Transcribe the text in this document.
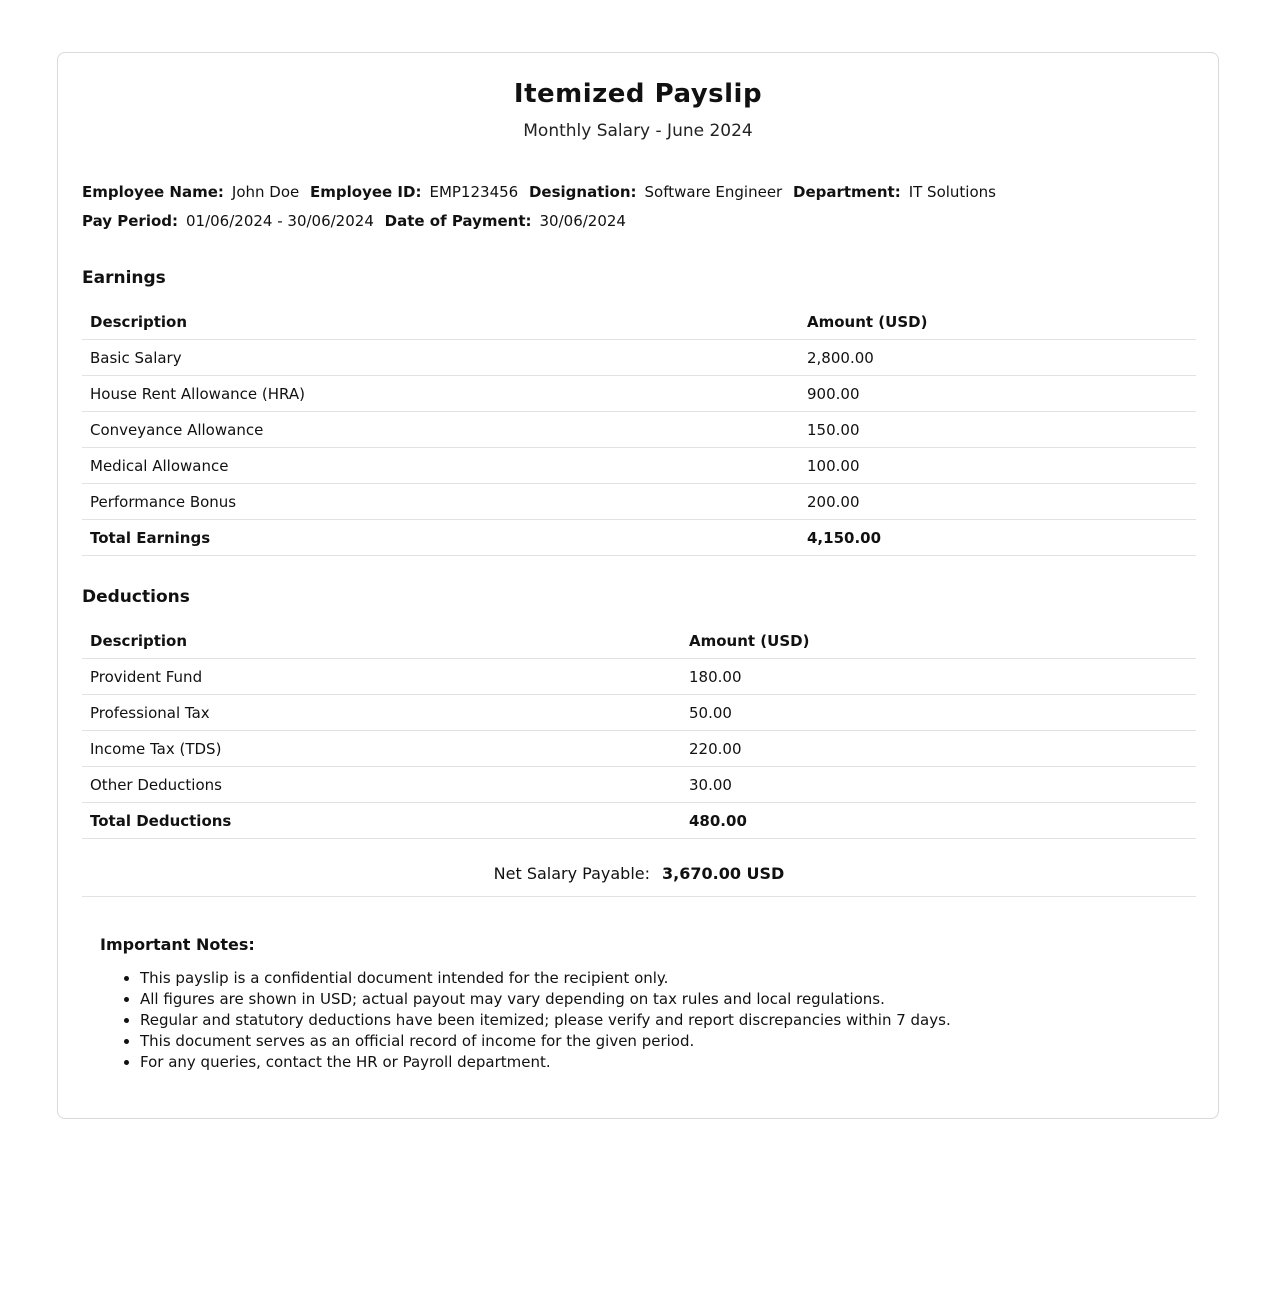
Itemized Payslip
Monthly Salary - June 2024
Employee Name: John Doe Employee ID: EMP123456 Designation: Software Engineer Department: IT Solutions Pay Period: 01/06/2024 - 30/06/2024 Date of Payment: 30/06/2024
Earnings
Description	Amount (USD)
Basic Salary	2,800.00
House Rent Allowance (HRA)	900.00
Conveyance Allowance	150.00
Medical Allowance	100.00
Performance Bonus	200.00
Total Earnings	4,150.00
Deductions
Description	Amount (USD)
Provident Fund	180.00
Professional Tax	50.00
Income Tax (TDS)	220.00
Other Deductions	30.00
Total Deductions	480.00
Net Salary Payable: 3,670.00 USD
Important Notes:
• This payslip is a confidential document intended for the recipient only.
• All figures are shown in USD; actual payout may vary depending on tax rules and local regulations.
• Regular and statutory deductions have been itemized; please verify and report discrepancies within 7 days.
• This document serves as an official record of income for the given period.
• For any queries, contact the HR or Payroll department.
